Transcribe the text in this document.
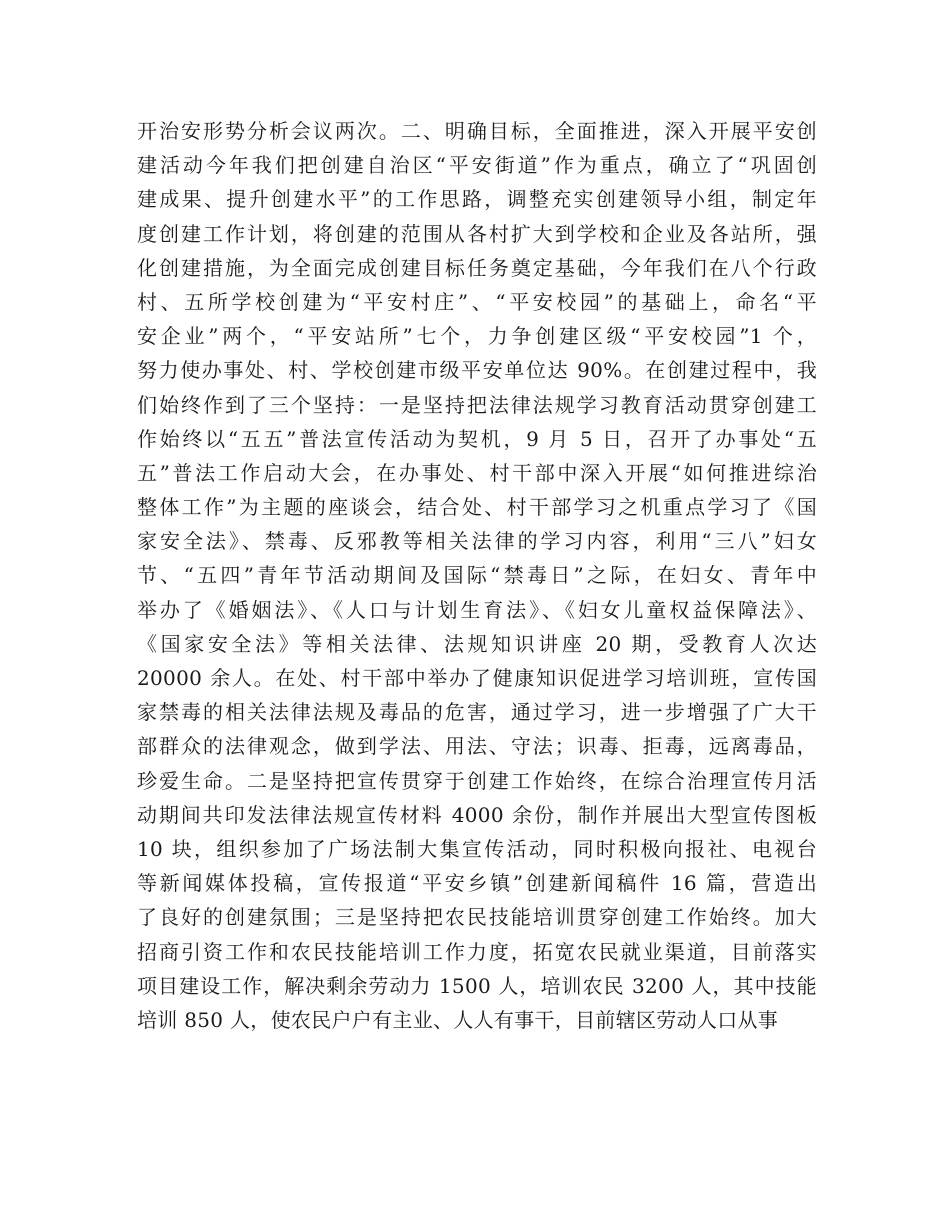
开治安形势分析会议两次。二、明确目标，全面推进，深入开展平安创
建活动今年我们把创建自治区“平安街道”作为重点，确立了“巩固创
建成果、提升创建水平”的工作思路，调整充实创建领导小组，制定年
度创建工作计划，将创建的范围从各村扩大到学校和企业及各站所，强
化创建措施，为全面完成创建目标任务奠定基础，今年我们在八个行政
村、五所学校创建为“平安村庄”、“平安校园”的基础上，命名“平
安企业”两个，“平安站所”七个，力争创建区级“平安校园”1 个，
努力使办事处、村、学校创建市级平安单位达 90%。在创建过程中，我
们始终作到了三个坚持：一是坚持把法律法规学习教育活动贯穿创建工
作始终以“五五”普法宣传活动为契机，9 月 5 日，召开了办事处“五
五”普法工作启动大会，在办事处、村干部中深入开展“如何推进综治
整体工作”为主题的座谈会，结合处、村干部学习之机重点学习了《国
家安全法》、禁毒、反邪教等相关法律的学习内容，利用“三八”妇女
节、“五四”青年节活动期间及国际“禁毒日”之际，在妇女、青年中
举办了《婚姻法》、《人口与计划生育法》、《妇女儿童权益保障法》、
《国家安全法》等相关法律、法规知识讲座 20 期，受教育人次达
20000 余人。在处、村干部中举办了健康知识促进学习培训班，宣传国
家禁毒的相关法律法规及毒品的危害，通过学习，进一步增强了广大干
部群众的法律观念，做到学法、用法、守法；识毒、拒毒，远离毒品，
珍爱生命。二是坚持把宣传贯穿于创建工作始终，在综合治理宣传月活
动期间共印发法律法规宣传材料 4000 余份，制作并展出大型宣传图板
10 块，组织参加了广场法制大集宣传活动，同时积极向报社、电视台
等新闻媒体投稿，宣传报道“平安乡镇”创建新闻稿件 16 篇，营造出
了良好的创建氛围；三是坚持把农民技能培训贯穿创建工作始终。加大
招商引资工作和农民技能培训工作力度，拓宽农民就业渠道，目前落实
项目建设工作，解决剩余劳动力 1500 人，培训农民 3200 人，其中技能
培训 850 人，使农民户户有主业、人人有事干，目前辖区劳动人口从事
